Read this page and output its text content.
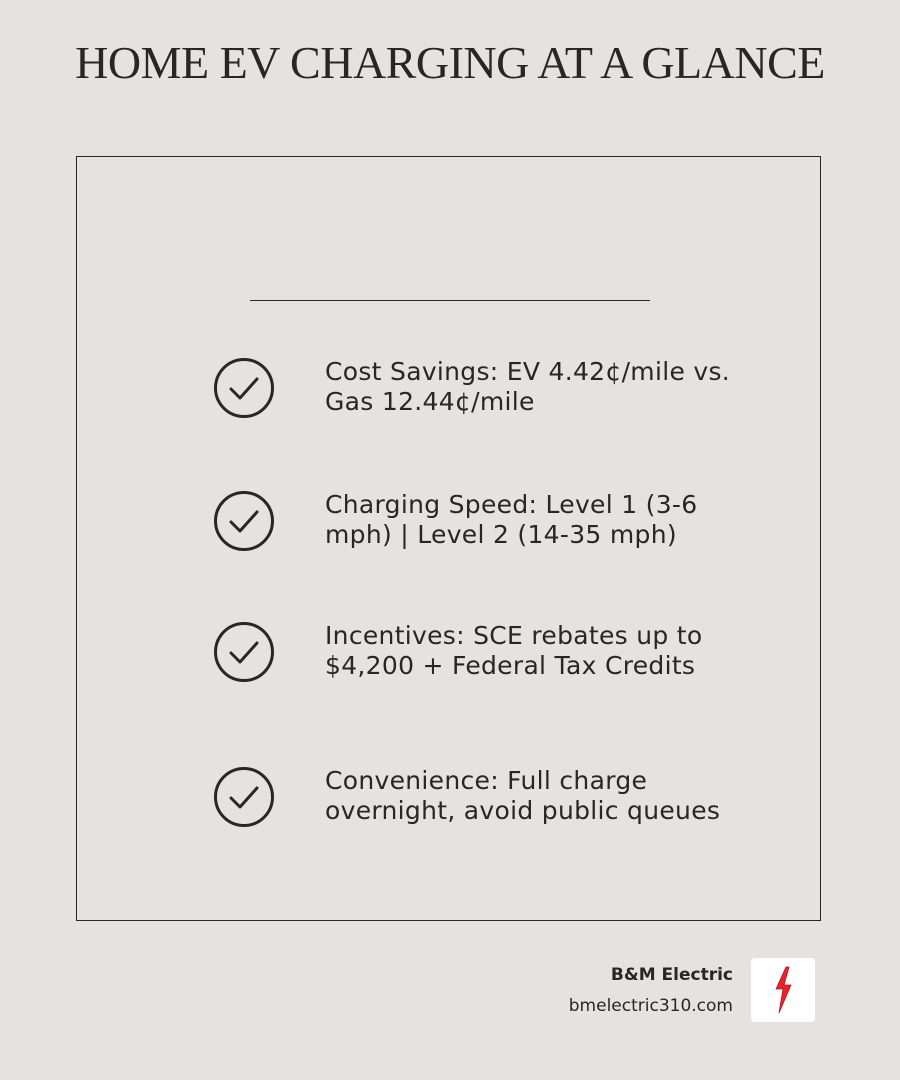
HOME EV CHARGING AT A GLANCE
Cost Savings: EV 4.42¢/mile vs. Gas 12.44¢/mile
Charging Speed: Level 1 (3-6 mph) | Level 2 (14-35 mph)
Incentives: SCE rebates up to $4,200 + Federal Tax Credits
Convenience: Full charge overnight, avoid public queues
B&M Electric
bmelectric310.com
